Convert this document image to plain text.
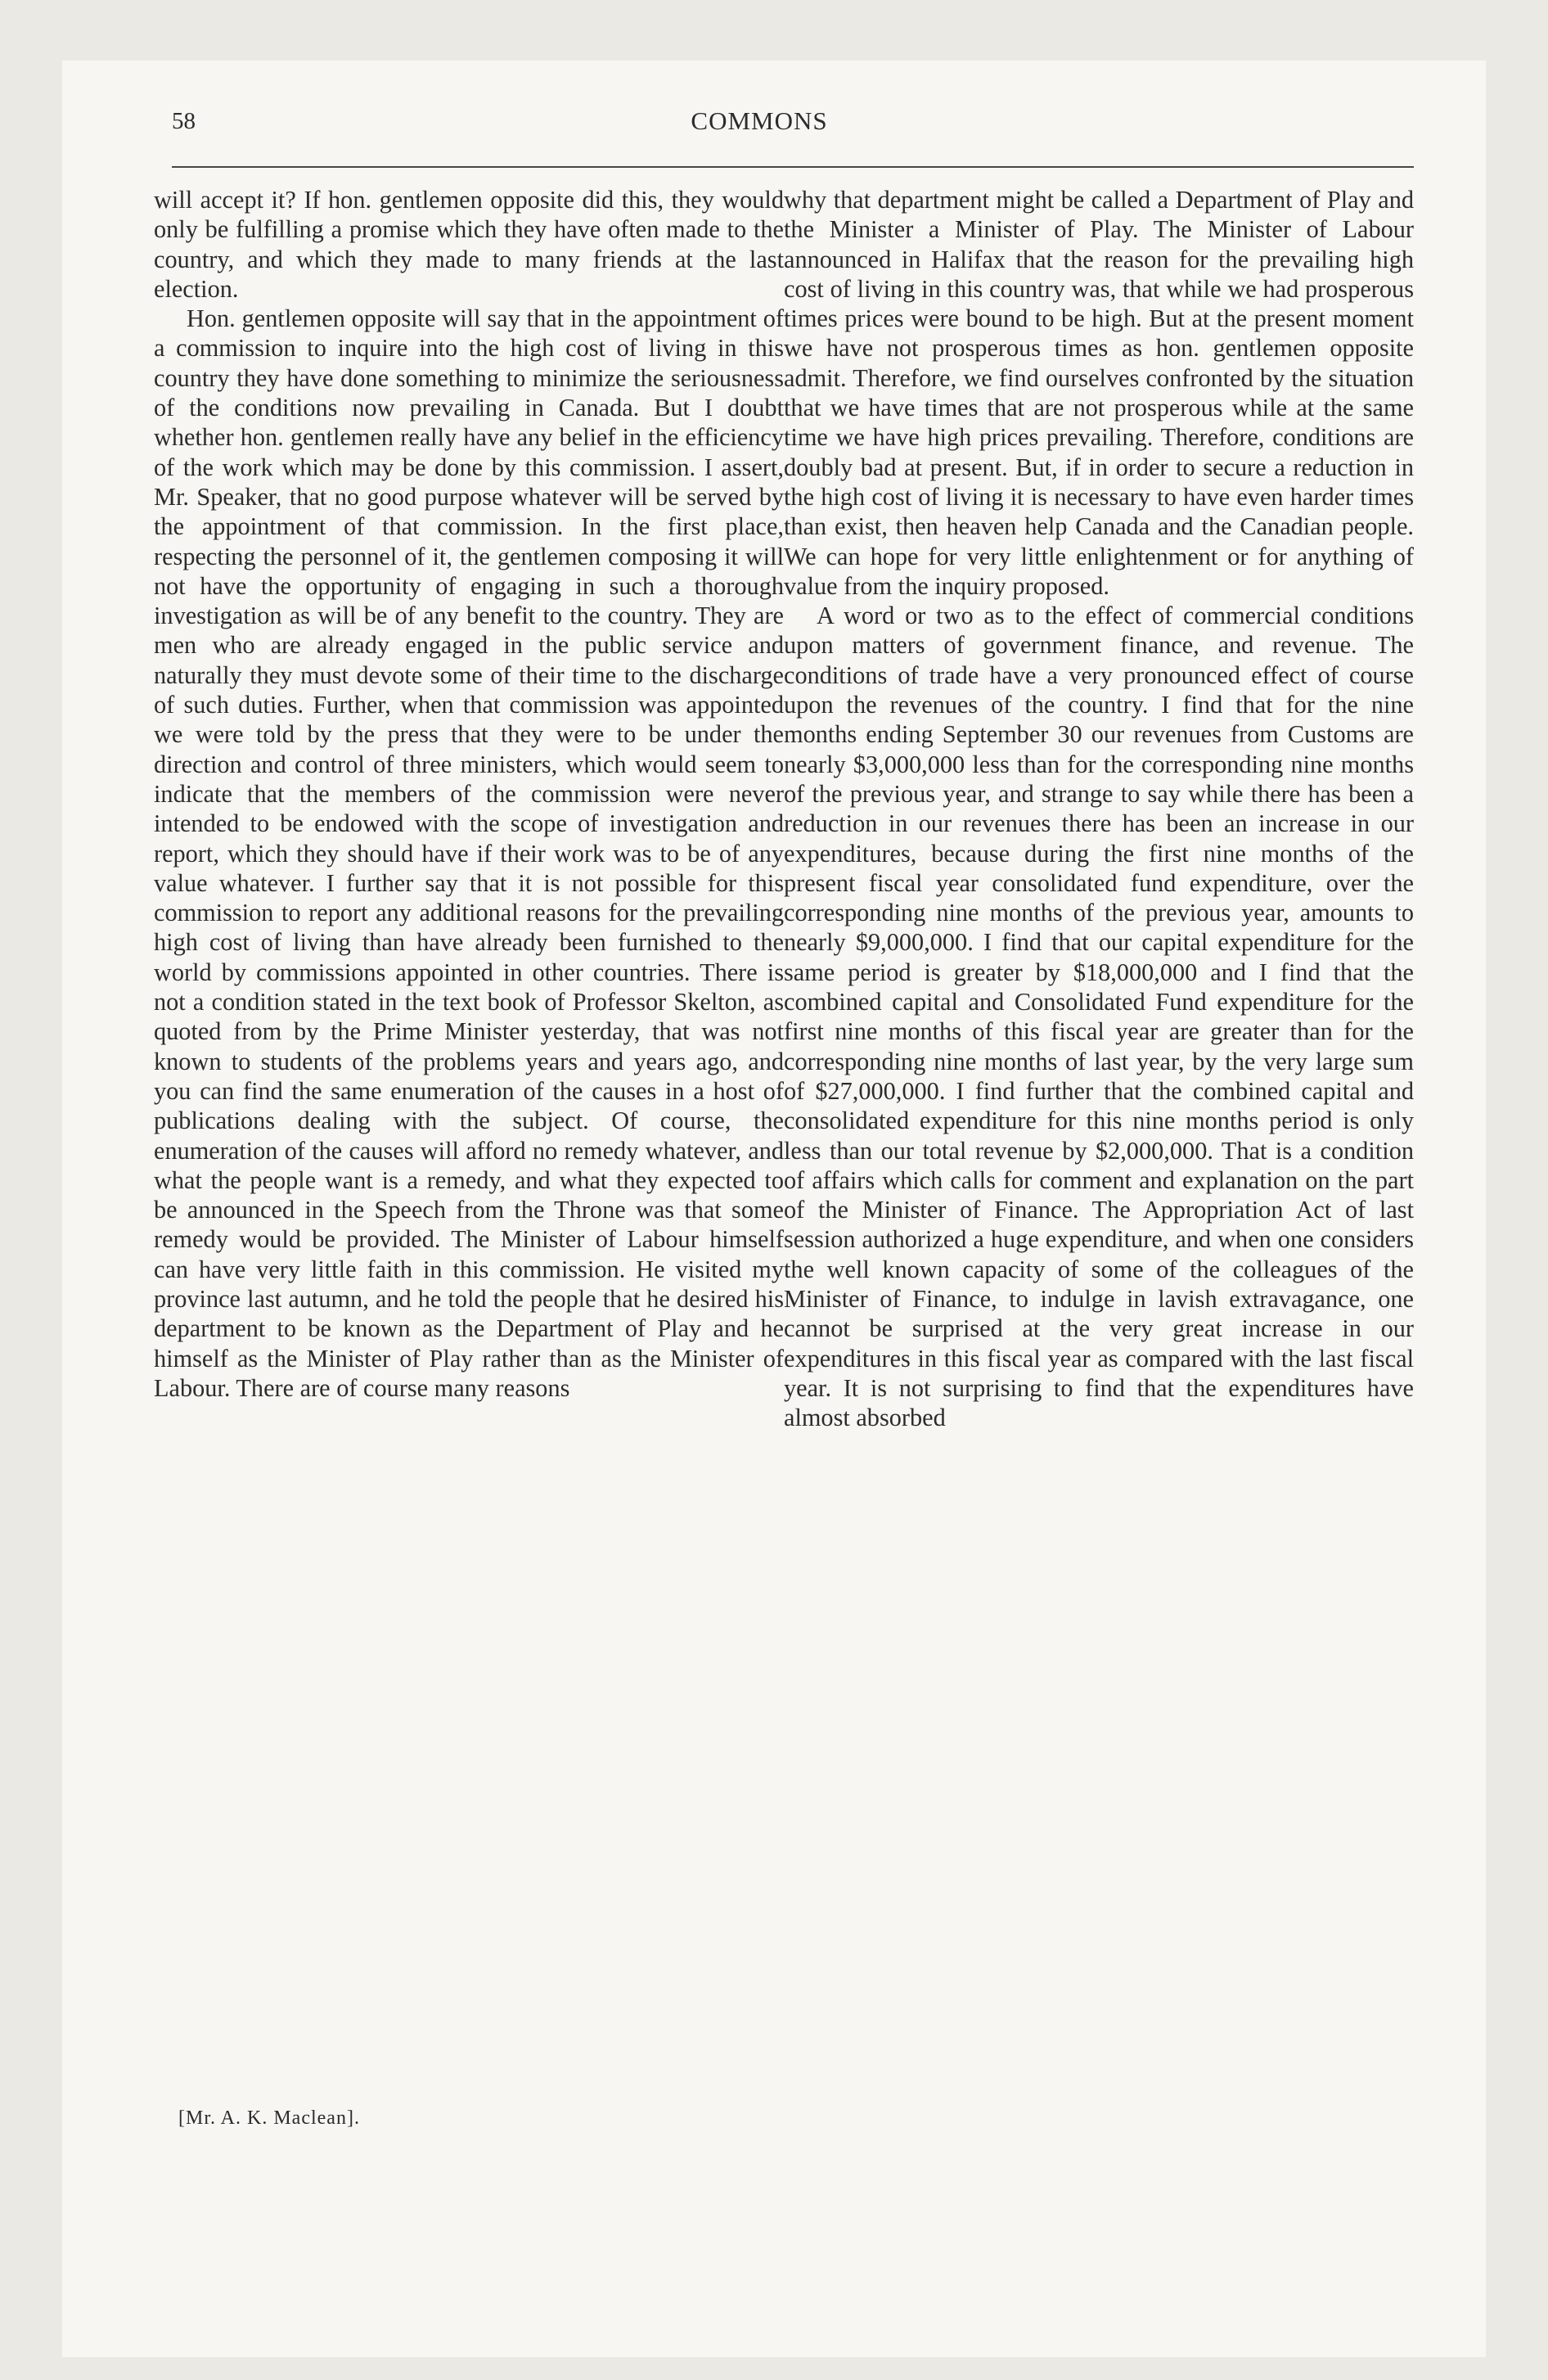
58	COMMONS

will accept it? If hon. gentlemen opposite did this, they would only be fulfilling a promise which they have often made to the country, and which they made to many friends at the last election.

Hon. gentlemen opposite will say that in the appointment of a commission to inquire into the high cost of living in this country they have done something to minimize the seriousness of the conditions now prevailing in Canada. But I doubt whether hon. gentlemen really have any belief in the efficiency of the work which may be done by this commission. I assert, Mr. Speaker, that no good purpose whatever will be served by the appointment of that commission. In the first place, respecting the personnel of it, the gentlemen composing it will not have the opportunity of engaging in such a thorough investigation as will be of any benefit to the country. They are men who are already engaged in the public service and naturally they must devote some of their time to the discharge of such duties. Further, when that commission was appointed we were told by the press that they were to be under the direction and control of three ministers, which would seem to indicate that the members of the commission were never intended to be endowed with the scope of investigation and report, which they should have if their work was to be of any value whatever. I further say that it is not possible for this commission to report any additional reasons for the prevailing high cost of living than have already been furnished to the world by commissions appointed in other countries. There is not a condition stated in the text book of Professor Skelton, as quoted from by the Prime Minister yesterday, that was not known to students of the problems years and years ago, and you can find the same enumeration of the causes in a host of publications dealing with the subject. Of course, the enumeration of the causes will afford no remedy whatever, and what the people want is a remedy, and what they expected to be announced in the Speech from the Throne was that some remedy would be provided. The Minister of Labour himself can have very little faith in this commission. He visited my province last autumn, and he told the people that he desired his department to be known as the Department of Play and he himself as the Minister of Play rather than as the Minister of Labour. There are of course many reasons

why that department might be called a Department of Play and the Minister a Minister of Play. The Minister of Labour announced in Halifax that the reason for the prevailing high cost of living in this country was, that while we had prosperous times prices were bound to be high. But at the present moment we have not prosperous times as hon. gentlemen opposite admit. Therefore, we find ourselves confronted by the situation that we have times that are not prosperous while at the same time we have high prices prevailing. Therefore, conditions are doubly bad at present. But, if in order to secure a reduction in the high cost of living it is necessary to have even harder times than exist, then heaven help Canada and the Canadian people. We can hope for very little enlightenment or for anything of value from the inquiry proposed.

A word or two as to the effect of commercial conditions upon matters of government finance, and revenue. The conditions of trade have a very pronounced effect of course upon the revenues of the country. I find that for the nine months ending September 30 our revenues from Customs are nearly $3,000,000 less than for the corresponding nine months of the previous year, and strange to say while there has been a reduction in our revenues there has been an increase in our expenditures, because during the first nine months of the present fiscal year consolidated fund expenditure, over the corresponding nine months of the previous year, amounts to nearly $9,000,000. I find that our capital expenditure for the same period is greater by $18,000,000 and I find that the combined capital and Consolidated Fund expenditure for the first nine months of this fiscal year are greater than for the corresponding nine months of last year, by the very large sum of $27,000,000. I find further that the combined capital and consolidated expenditure for this nine months period is only less than our total revenue by $2,000,000. That is a condition of affairs which calls for comment and explanation on the part of the Minister of Finance. The Appropriation Act of last session authorized a huge expenditure, and when one considers the well known capacity of some of the colleagues of the Minister of Finance, to indulge in lavish extravagance, one cannot be surprised at the very great increase in our expenditures in this fiscal year as compared with the last fiscal year. It is not surprising to find that the expenditures have almost absorbed

[Mr. A. K. Maclean].
